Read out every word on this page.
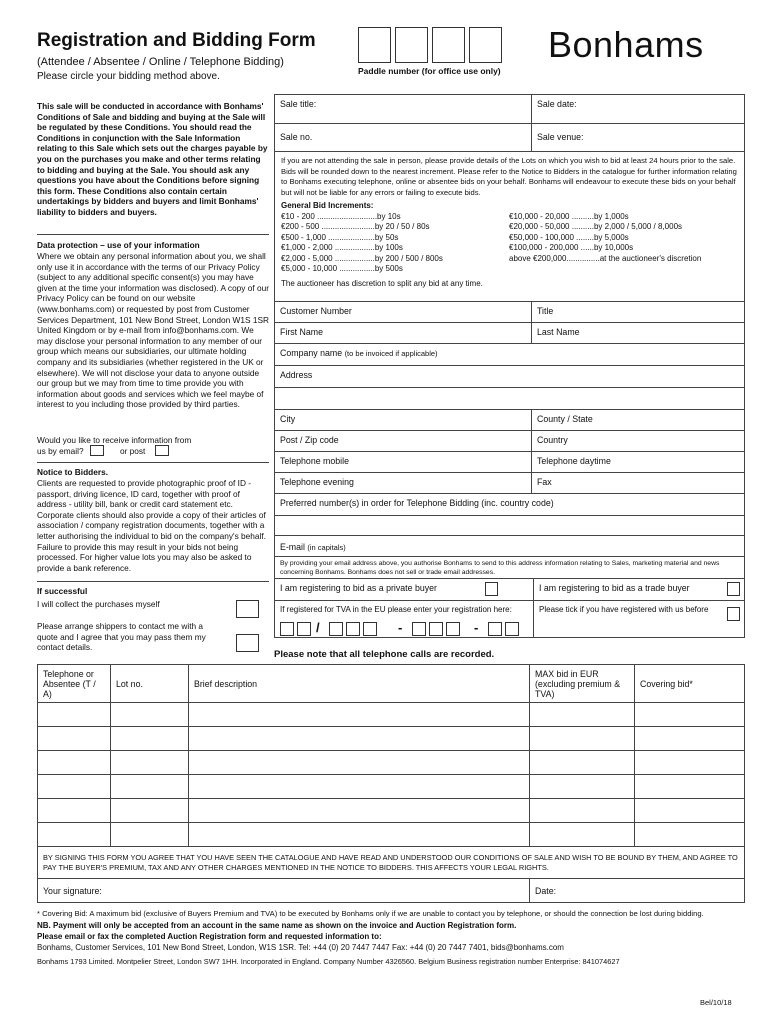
Registration and Bidding Form
(Attendee / Absentee / Online / Telephone Bidding)
Please circle your bidding method above.	Paddle number (for office use only)
Bonhams
This sale will be conducted in accordance with Bonhams' Conditions of Sale and bidding and buying at the Sale will be regulated by these Conditions. You should read the Conditions in conjunction with the Sale Information relating to this Sale which sets out the charges payable by you on the purchases you make and other terms relating to bidding and buying at the Sale. You should ask any questions you have about the Conditions before signing this form. These Conditions also contain certain undertakings by bidders and buyers and limit Bonhams' liability to bidders and buyers.
Data protection – use of your information
Where we obtain any personal information about you, we shall only use it in accordance with the terms of our Privacy Policy (subject to any additional specific consent(s) you may have given at the time your information was disclosed). A copy of our Privacy Policy can be found on our website (www.bonhams.com) or requested by post from Customer Services Department, 101 New Bond Street, London W1S 1SR United Kingdom or by e-mail from info@bonhams.com. We may disclose your personal information to any member of our group which means our subsidiaries, our ultimate holding company and its subsidiaries (whether registered in the UK or elsewhere). We will not disclose your data to anyone outside our group but we may from time to time provide you with information about goods and services which we feel maybe of interest to you including those provided by third parties.
Would you like to receive information from
us by email?	or post
Notice to Bidders.
Clients are requested to provide photographic proof of ID - passport, driving licence, ID card, together with proof of address - utility bill, bank or credit card statement etc. Corporate clients should also provide a copy of their articles of association / company registration documents, together with a letter authorising the individual to bid on the company's behalf. Failure to provide this may result in your bids not being processed. For higher value lots you may also be asked to provide a bank reference.
If successful
I will collect the purchases myself
Please arrange shippers to contact me with a quote and I agree that you may pass them my contact details.
Sale title:	Sale date:
Sale no.	Sale venue:
If you are not attending the sale in person, please provide details of the Lots on which you wish to bid at least 24 hours prior to the sale. Bids will be rounded down to the nearest increment. Please refer to the Notice to Bidders in the catalogue for further information relating to Bonhams executing telephone, online or absentee bids on your behalf. Bonhams will endeavour to execute these bids on your behalf but will not be liable for any errors or failing to execute bids.
General Bid Increments:
€10 - 200 ...........................by 10s
€200 - 500 ........................by 20 / 50 / 80s
€500 - 1,000 .....................by 50s
€1,000 - 2,000 ..................by 100s
€2,000 - 5,000 ..................by 200 / 500 / 800s
€5,000 - 10,000 ................by 500s
€10,000 - 20,000 ..........by 1,000s
€20,000 - 50,000 ..........by 2,000 / 5,000 / 8,000s
€50,000 - 100,000 ........by 5,000s
€100,000 - 200,000 ......by 10,000s
above €200,000...............at the auctioneer's discretion
The auctioneer has discretion to split any bid at any time.
Customer Number	Title
First Name	Last Name
Company name (to be invoiced if applicable)
Address
City	County / State
Post / Zip code	Country
Telephone mobile	Telephone daytime
Telephone evening	Fax
Preferred number(s) in order for Telephone Bidding (inc. country code)
E-mail (in capitals)
By providing your email address above, you authorise Bonhams to send to this address information relating to Sales, marketing material and news concerning Bonhams. Bonhams does not sell or trade email addresses.
I am registering to bid as a private buyer	I am registering to bid as a trade buyer
If registered for TVA in the EU please enter your registration here:	Please tick if you have registered with us before
/	-	-
Please note that all telephone calls are recorded.
Telephone or Absentee (T / A)	Lot no.	Brief description	MAX bid in EUR (excluding premium & TVA)	Covering bid*

BY SIGNING THIS FORM YOU AGREE THAT YOU HAVE SEEN THE CATALOGUE AND HAVE READ AND UNDERSTOOD OUR CONDITIONS OF SALE AND WISH TO BE BOUND BY THEM, AND AGREE TO PAY THE BUYER'S PREMIUM, TAX AND ANY OTHER CHARGES MENTIONED IN THE NOTICE TO BIDDERS. THIS AFFECTS YOUR LEGAL RIGHTS.				
Your signature:			Date:	
* Covering Bid: A maximum bid (exclusive of Buyers Premium and TVA) to be executed by Bonhams only if we are unable to contact you by telephone, or should the connection be lost during bidding.
NB. Payment will only be accepted from an account in the same name as shown on the invoice and Auction Registration form.
Please email or fax the completed Auction Registration form and requested information to:
Bonhams, Customer Services, 101 New Bond Street, London, W1S 1SR. Tel: +44 (0) 20 7447 7447 Fax: +44 (0) 20 7447 7401, bids@bonhams.com
Bonhams 1793 Limited. Montpelier Street, London SW7 1HH. Incorporated in England. Company Number 4326560. Belgium Business registration number Enterprise: 841074627
Bel/10/18
